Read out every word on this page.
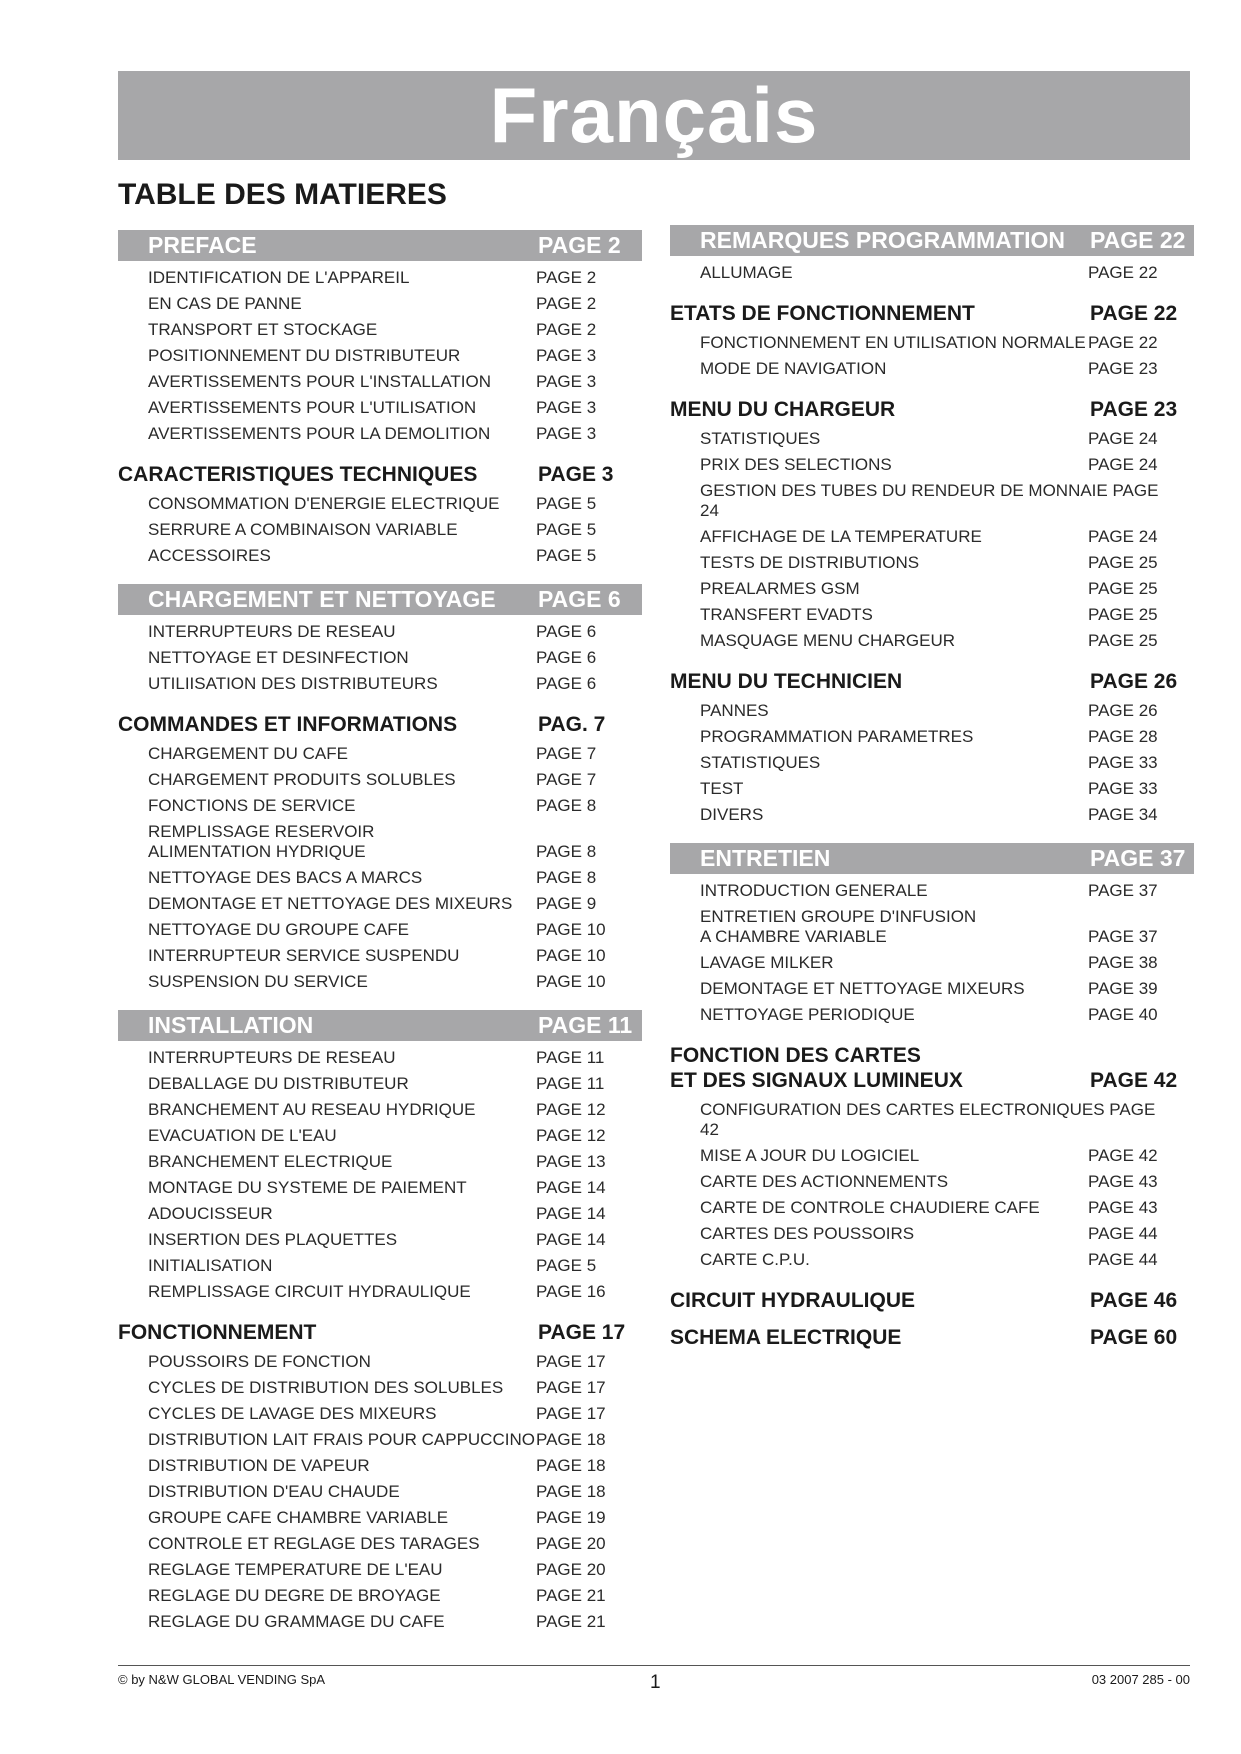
Français
TABLE DES MATIERES
PREFACE	PAGE 2
IDENTIFICATION DE L'APPAREIL	PAGE 2
EN CAS DE PANNE	PAGE 2
TRANSPORT ET STOCKAGE	PAGE 2
POSITIONNEMENT DU DISTRIBUTEUR	PAGE 3
AVERTISSEMENTS POUR L'INSTALLATION	PAGE 3
AVERTISSEMENTS POUR L'UTILISATION	PAGE 3
AVERTISSEMENTS POUR LA DEMOLITION	PAGE 3
CARACTERISTIQUES TECHNIQUES	PAGE 3
CONSOMMATION D'ENERGIE ELECTRIQUE	PAGE 5
SERRURE A COMBINAISON VARIABLE	PAGE 5
ACCESSOIRES	PAGE 5
CHARGEMENT ET NETTOYAGE PAGE 6
INTERRUPTEURS DE RESEAU	PAGE 6
NETTOYAGE ET DESINFECTION	PAGE 6
UTILIISATION DES DISTRIBUTEURS	PAGE 6
COMMANDES ET INFORMATIONS	PAG. 7
CHARGEMENT DU CAFE	PAGE 7
CHARGEMENT PRODUITS SOLUBLES	PAGE 7
FONCTIONS DE SERVICE	PAGE 8
REMPLISSAGE RESERVOIR
ALIMENTATION HYDRIQUE	PAGE 8
NETTOYAGE DES BACS A MARCS	PAGE 8
DEMONTAGE ET NETTOYAGE DES MIXEURS	PAGE 9
NETTOYAGE DU GROUPE CAFE	PAGE 10
INTERRUPTEUR SERVICE SUSPENDU	PAGE 10
SUSPENSION DU SERVICE	PAGE 10
INSTALLATION	PAGE 11
INTERRUPTEURS DE RESEAU	PAGE 11
DEBALLAGE DU DISTRIBUTEUR	PAGE 11
BRANCHEMENT AU RESEAU HYDRIQUE	PAGE 12
EVACUATION DE L'EAU	PAGE 12
BRANCHEMENT ELECTRIQUE	PAGE 13
MONTAGE DU SYSTEME DE PAIEMENT	PAGE 14
ADOUCISSEUR	PAGE 14
INSERTION DES PLAQUETTES	PAGE 14
INITIALISATION	PAGE 5
REMPLISSAGE CIRCUIT HYDRAULIQUE	PAGE 16
FONCTIONNEMENT	PAGE 17
POUSSOIRS DE FONCTION	PAGE 17
CYCLES DE DISTRIBUTION DES SOLUBLES	PAGE 17
CYCLES DE LAVAGE DES MIXEURS	PAGE 17
DISTRIBUTION LAIT FRAIS POUR CAPPUCCINO PAGE 18
DISTRIBUTION DE VAPEUR	PAGE 18
DISTRIBUTION D'EAU CHAUDE	PAGE 18
GROUPE CAFE CHAMBRE VARIABLE	PAGE 19
CONTROLE ET REGLAGE DES TARAGES	PAGE 20
REGLAGE TEMPERATURE DE L'EAU	PAGE 20
REGLAGE DU DEGRE DE BROYAGE	PAGE 21
REGLAGE DU GRAMMAGE DU CAFE	PAGE 21
REMARQUES PROGRAMMATION PAGE 22
ALLUMAGE	PAGE 22
ETATS DE FONCTIONNEMENT	PAGE 22
FONCTIONNEMENT EN UTILISATION NORMALE PAGE 22
MODE DE NAVIGATION	PAGE 23
MENU DU CHARGEUR	PAGE 23
STATISTIQUES	PAGE 24
PRIX DES SELECTIONS	PAGE 24
GESTION DES TUBES DU RENDEUR DE MONNAIE PAGE 24
AFFICHAGE DE LA TEMPERATURE	PAGE 24
TESTS DE DISTRIBUTIONS	PAGE 25
PREALARMES GSM	PAGE 25
TRANSFERT EVADTS	PAGE 25
MASQUAGE MENU CHARGEUR	PAGE 25
MENU DU TECHNICIEN	PAGE 26
PANNES	PAGE 26
PROGRAMMATION PARAMETRES	PAGE 28
STATISTIQUES	PAGE 33
TEST	PAGE 33
DIVERS	PAGE 34
ENTRETIEN	PAGE 37
INTRODUCTION GENERALE	PAGE 37
ENTRETIEN GROUPE D'INFUSION
A CHAMBRE VARIABLE	PAGE 37
LAVAGE MILKER	PAGE 38
DEMONTAGE ET NETTOYAGE MIXEURS	PAGE 39
NETTOYAGE PERIODIQUE	PAGE 40
FONCTION DES CARTES
ET DES SIGNAUX LUMINEUX	PAGE 42
CONFIGURATION DES CARTES ELECTRONIQUES PAGE 42
MISE A JOUR DU LOGICIEL	PAGE 42
CARTE DES ACTIONNEMENTS	PAGE 43
CARTE DE CONTROLE CHAUDIERE CAFE	PAGE 43
CARTES DES POUSSOIRS	PAGE 44
CARTE C.P.U.	PAGE 44
CIRCUIT HYDRAULIQUE	PAGE 46
SCHEMA ELECTRIQUE	PAGE 60
© by N&W GLOBAL VENDING SpA	1	03 2007 285 - 00
